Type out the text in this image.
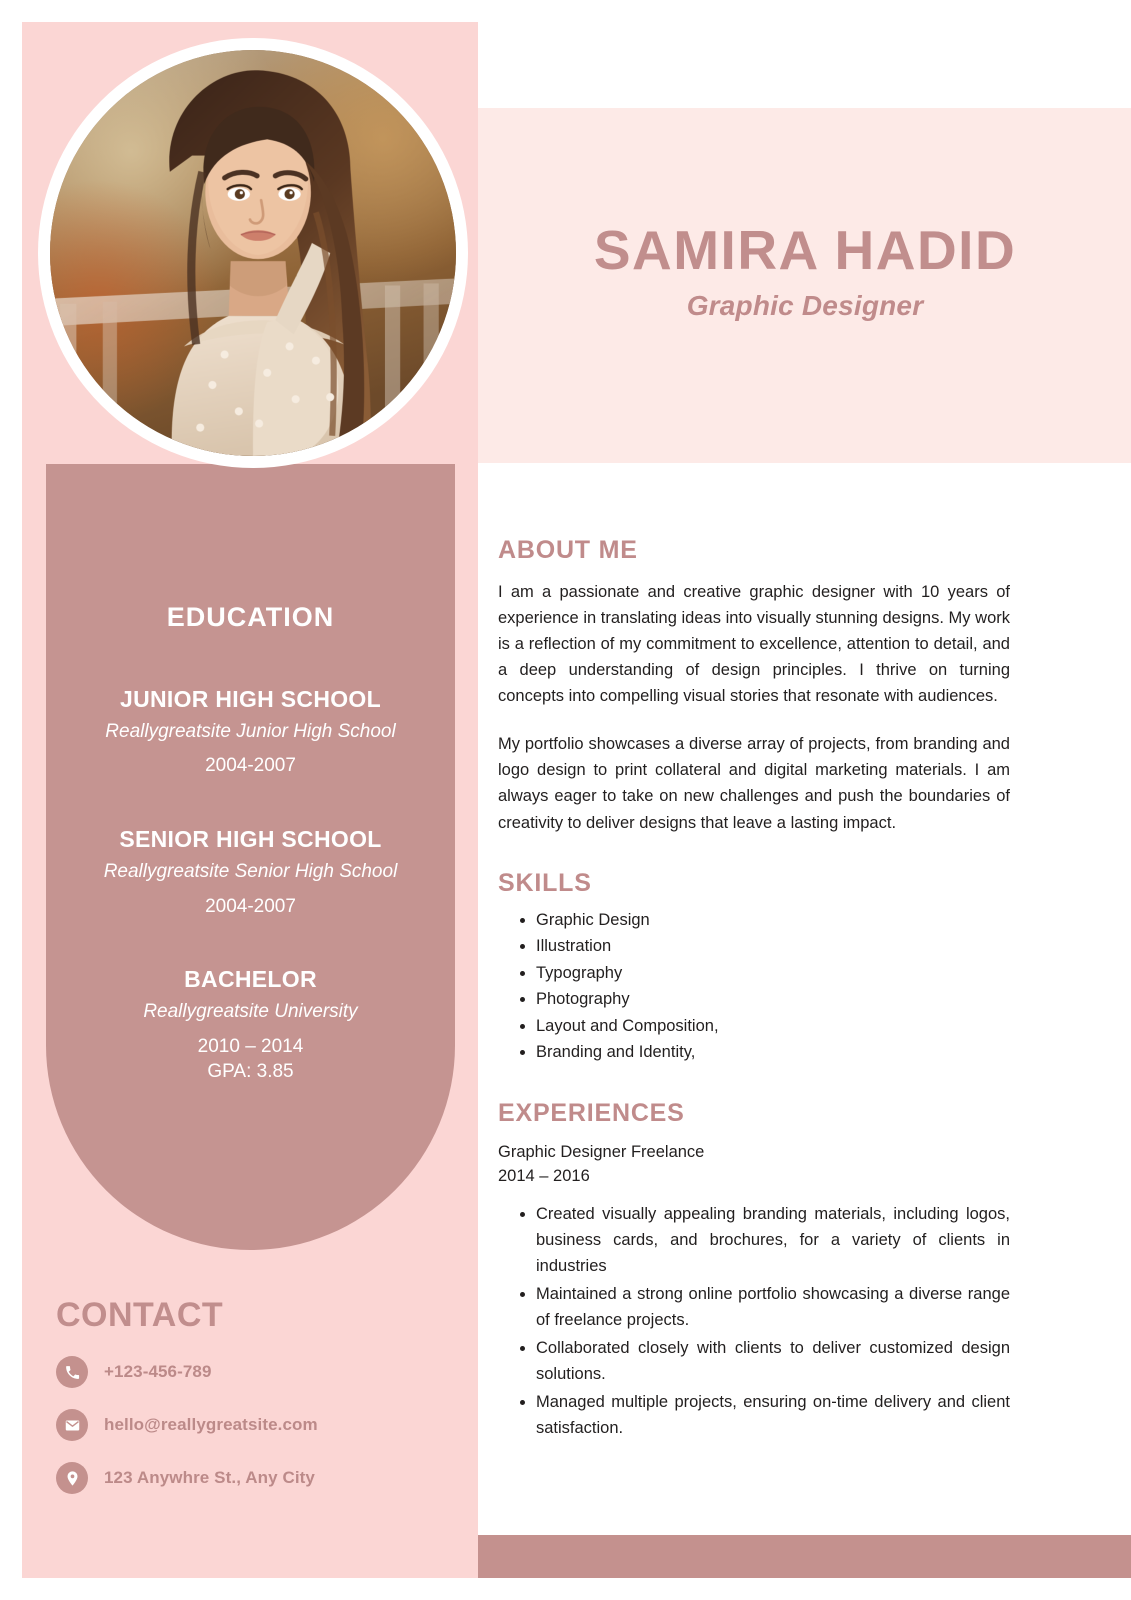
SAMIRA HADID
Graphic Designer
EDUCATION
JUNIOR HIGH SCHOOL
Reallygreatsite Junior High School
2004-2007
SENIOR HIGH SCHOOL
Reallygreatsite Senior High School
2004-2007
BACHELOR
Reallygreatsite University
2010 – 2014
GPA: 3.85
CONTACT
+123-456-789
hello@reallygreatsite.com
123 Anywhre St., Any City
ABOUT ME

I am a passionate and creative graphic designer with 10 years of experience in translating ideas into visually stunning designs. My work is a reflection of my commitment to excellence, attention to detail, and a deep understanding of design principles. I thrive on turning concepts into compelling visual stories that resonate with audiences.

My portfolio showcases a diverse array of projects, from branding and logo design to print collateral and digital marketing materials. I am always eager to take on new challenges and push the boundaries of creativity to deliver designs that leave a lasting impact.

SKILLS
• Graphic Design
• Illustration
• Typography
• Photography
• Layout and Composition,
• Branding and Identity,
EXPERIENCES
Graphic Designer Freelance
2014 – 2016
• Created visually appealing branding materials, including logos, business cards, and brochures, for a variety of clients in industries
• Maintained a strong online portfolio showcasing a diverse range of freelance projects.
• Collaborated closely with clients to deliver customized design solutions.
• Managed multiple projects, ensuring on-time delivery and client satisfaction.
